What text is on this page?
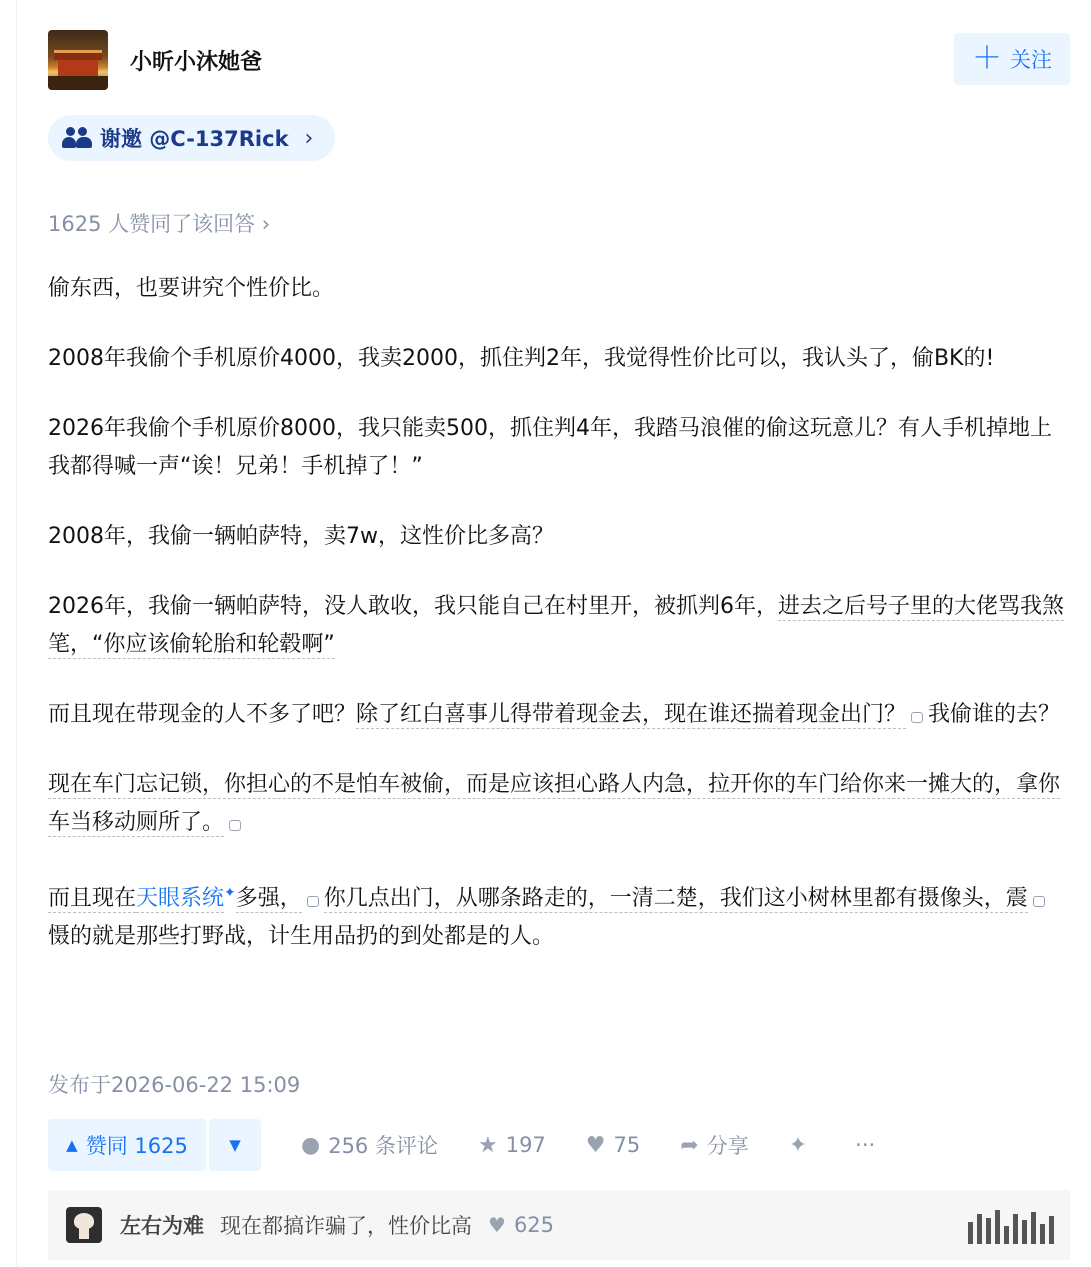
小昕小沐她爸	＋ 关注
谢邀 @C-137Rick ›
1625 人赞同了该回答 ›

偷东西，也要讲究个性价比。

2008年我偷个手机原价4000，我卖2000，抓住判2年，我觉得性价比可以，我认头了，偷BK的!

2026年我偷个手机原价8000，我只能卖500，抓住判4年，我踏马浪催的偷这玩意儿？有人手机掉地上我都得喊一声“诶！兄弟！手机掉了！”

2008年，我偷一辆帕萨特，卖7w，这性价比多高？

2026年，我偷一辆帕萨特，没人敢收，我只能自己在村里开，被抓判6年，进去之后号子里的大佬骂我煞笔，“你应该偷轮胎和轮毂啊”

而且现在带现金的人不多了吧？除了红白喜事儿得带着现金去，现在谁还揣着现金出门？ 我偷谁的去？

现在车门忘记锁，你担心的不是怕车被偷，而是应该担心路人内急，拉开你的车门给你来一摊大的，拿你车当移动厕所了。

而且现在天眼系统✦多强， 你几点出门，从哪条路走的，一清二楚，我们这小树林里都有摄像头，震慑的就是那些打野战，计生用品扔的到处都是的人。

发布于2026-06-22 15:09
▲ 赞同 1625	▼	● 256 条评论 ★ 197 ♥ 75 ➦ 分享 ✦ ···
左右为难 现在都搞诈骗了，性价比高 ♥ 625
